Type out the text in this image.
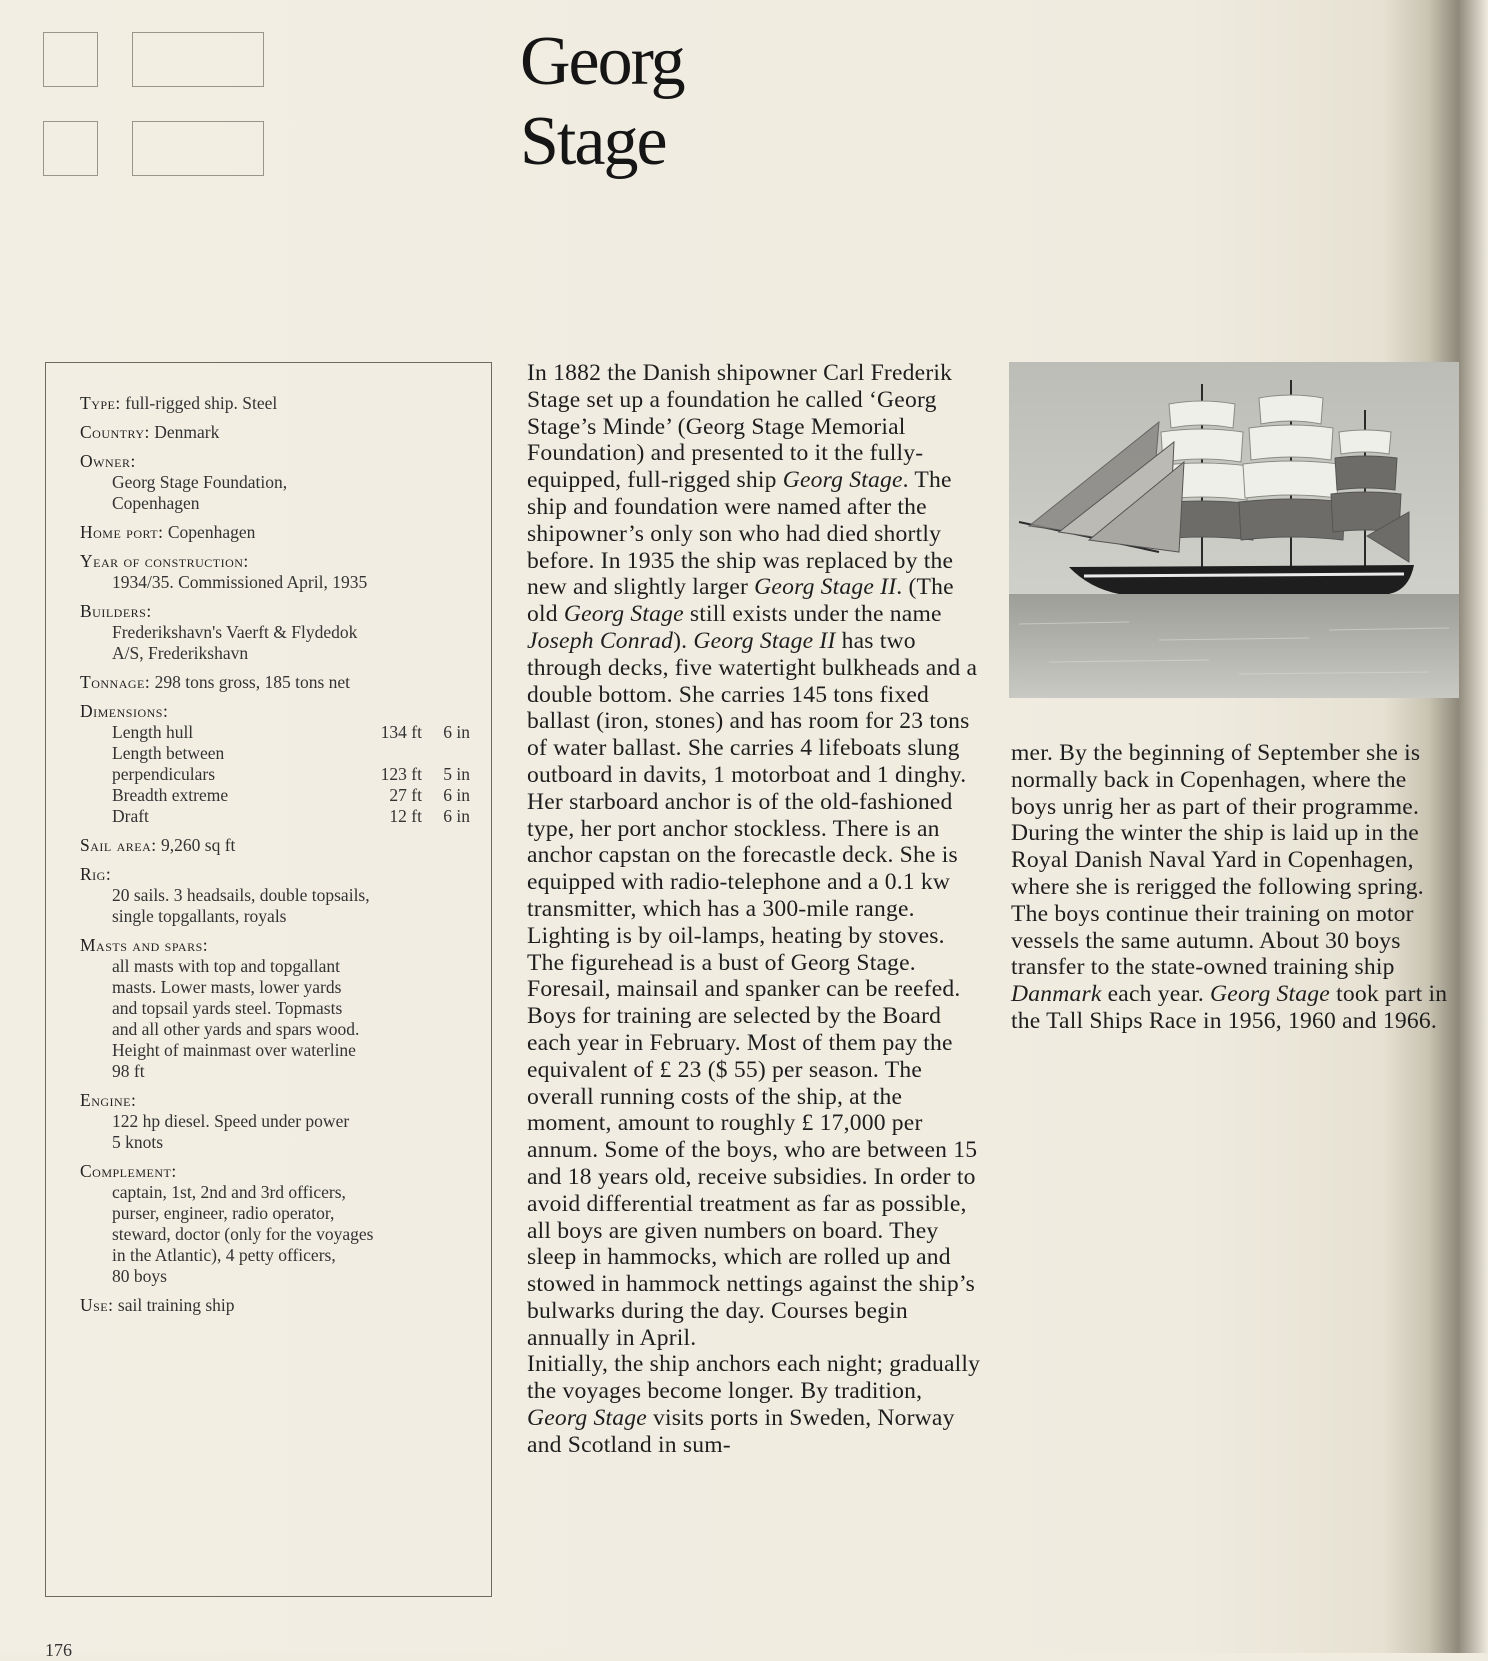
Georg
Stage
Type: full-rigged ship. Steel
Country: Denmark
Owner:
Georg Stage Foundation,
Copenhagen
Home port: Copenhagen
Year of construction:
1934/35. Commissioned April, 1935
Builders:
Frederikshavn's Vaerft & Flydedok
A/S, Frederikshavn
Tonnage: 298 tons gross, 185 tons net
Dimensions:
Length hull	134 ft	6 in
Length between
perpendiculars	123 ft	5 in
Breadth extreme	27 ft	6 in
Draft	12 ft	6 in
Sail area: 9,260 sq ft
Rig:
20 sails. 3 headsails, double topsails,
single topgallants, royals
Masts and spars:
all masts with top and topgallant
masts. Lower masts, lower yards
and topsail yards steel. Topmasts
and all other yards and spars wood.
Height of mainmast over waterline
98 ft
Engine:
122 hp diesel. Speed under power
5 knots
Complement:
captain, 1st, 2nd and 3rd officers,
purser, engineer, radio operator,
steward, doctor (only for the voyages
in the Atlantic), 4 petty officers,
80 boys
Use: sail training ship

In 1882 the Danish shipowner Carl Frederik Stage set up a foundation he called ‘Georg Stage’s Minde’ (Georg Stage Memorial Foundation) and presented to it the fully-equipped, full-rigged ship Georg Stage. The ship and foundation were named after the shipowner’s only son who had died shortly before. In 1935 the ship was replaced by the new and slightly larger Georg Stage II. (The old Georg Stage still exists under the name Joseph Conrad). Georg Stage II has two through decks, five watertight bulkheads and a double bottom. She carries 145 tons fixed ballast (iron, stones) and has room for 23 tons of water ballast. She carries 4 lifeboats slung outboard in davits, 1 motorboat and 1 dinghy. Her starboard anchor is of the old-fashioned type, her port anchor stockless. There is an anchor capstan on the forecastle deck. She is equipped with radio-telephone and a 0.1 kw transmitter, which has a 300-mile range. Lighting is by oil-lamps, heating by stoves. The figurehead is a bust of Georg Stage. Foresail, mainsail and spanker can be reefed. Boys for training are selected by the Board each year in February. Most of them pay the equivalent of £ 23 ($ 55) per season. The overall running costs of the ship, at the moment, amount to roughly £ 17,000 per annum. Some of the boys, who are between 15 and 18 years old, receive subsidies. In order to avoid differential treatment as far as possible, all boys are given numbers on board. They sleep in hammocks, which are rolled up and stowed in hammock nettings against the ship’s bulwarks during the day. Courses begin annually in April.

Initially, the ship anchors each night; gradually the voyages become longer. By tradition, Georg Stage visits ports in Sweden, Norway and Scotland in sum-

mer. By the beginning of September she is normally back in Copenhagen, where the boys unrig her as part of their programme. During the winter the ship is laid up in the Royal Danish Naval Yard in Copenhagen, where she is rerigged the following spring. The boys continue their training on motor vessels the same autumn. About 30 boys transfer to the state-owned training ship Danmark each year. Georg Stage took part in the Tall Ships Race in 1956, 1960 and 1966.

176
